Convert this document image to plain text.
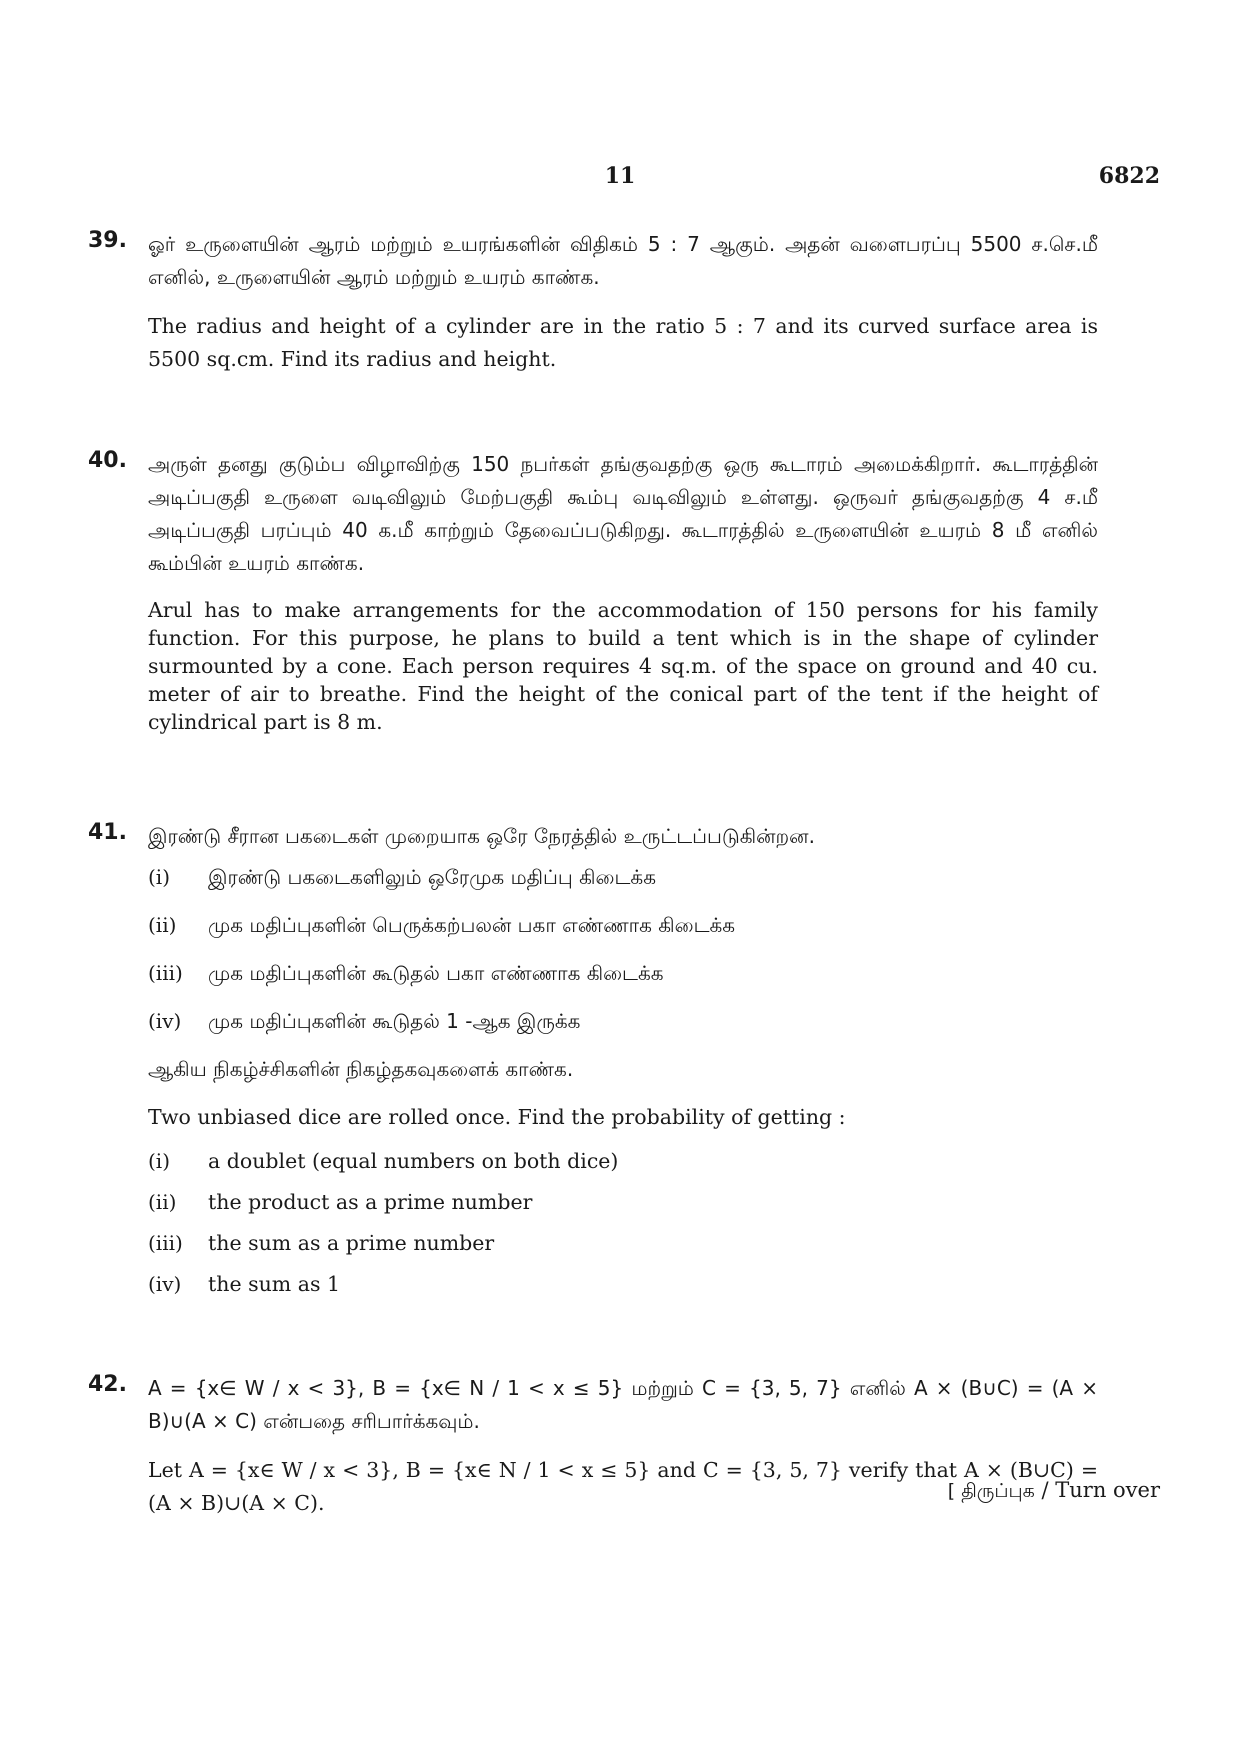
11	6822
39. ஓர் உருளையின் ஆரம் மற்றும் உயரங்களின் விதிகம் 5 : 7 ஆகும். அதன் வளைபரப்பு 5500 ச.செ.மீ எனில், உருளையின் ஆரம் மற்றும் உயரம் காண்க.

The radius and height of a cylinder are in the ratio 5 : 7 and its curved surface area is 5500 sq.cm. Find its radius and height.

40. அருள் தனது குடும்ப விழாவிற்கு 150 நபர்கள் தங்குவதற்கு ஒரு கூடாரம் அமைக்கிறார். கூடாரத்தின் அடிப்பகுதி உருளை வடிவிலும் மேற்பகுதி கூம்பு வடிவிலும் உள்ளது. ஒருவர் தங்குவதற்கு 4 ச.மீ அடிப்பகுதி பரப்பும் 40 க.மீ காற்றும் தேவைப்படுகிறது. கூடாரத்தில் உருளையின் உயரம் 8 மீ எனில் கூம்பின் உயரம் காண்க.

Arul has to make arrangements for the accommodation of 150 persons for his family function. For this purpose, he plans to build a tent which is in the shape of cylinder surmounted by a cone. Each person requires 4 sq.m. of the space on ground and 40 cu. meter of air to breathe. Find the height of the conical part of the tent if the height of cylindrical part is 8 m.

41. இரண்டு சீரான பகடைகள் முறையாக ஒரே நேரத்தில் உருட்டப்படுகின்றன.

(i)	இரண்டு பகடைகளிலும் ஒரேமுக மதிப்பு கிடைக்க
(ii)	முக மதிப்புகளின் பெருக்கற்பலன் பகா எண்ணாக கிடைக்க
(iii)	முக மதிப்புகளின் கூடுதல் பகா எண்ணாக கிடைக்க
(iv)	முக மதிப்புகளின் கூடுதல் 1 -ஆக இருக்க

ஆகிய நிகழ்ச்சிகளின் நிகழ்தகவுகளைக் காண்க.

Two unbiased dice are rolled once. Find the probability of getting :

(i)	a doublet (equal numbers on both dice)
(ii)	the product as a prime number
(iii)	the sum as a prime number
(iv)	the sum as 1
42. A = {x∈ W / x < 3}, B = {x∈ N / 1 < x ≤ 5} மற்றும் C = {3, 5, 7} எனில் A × (B∪C) = (A × B)∪(A × C) என்பதை சரிபார்க்கவும்.

Let A = {x∈ W / x < 3}, B = {x∈ N / 1 < x ≤ 5} and C = {3, 5, 7} verify that A × (B∪C) = (A × B)∪(A × C).	[ திருப்புக / Turn over
